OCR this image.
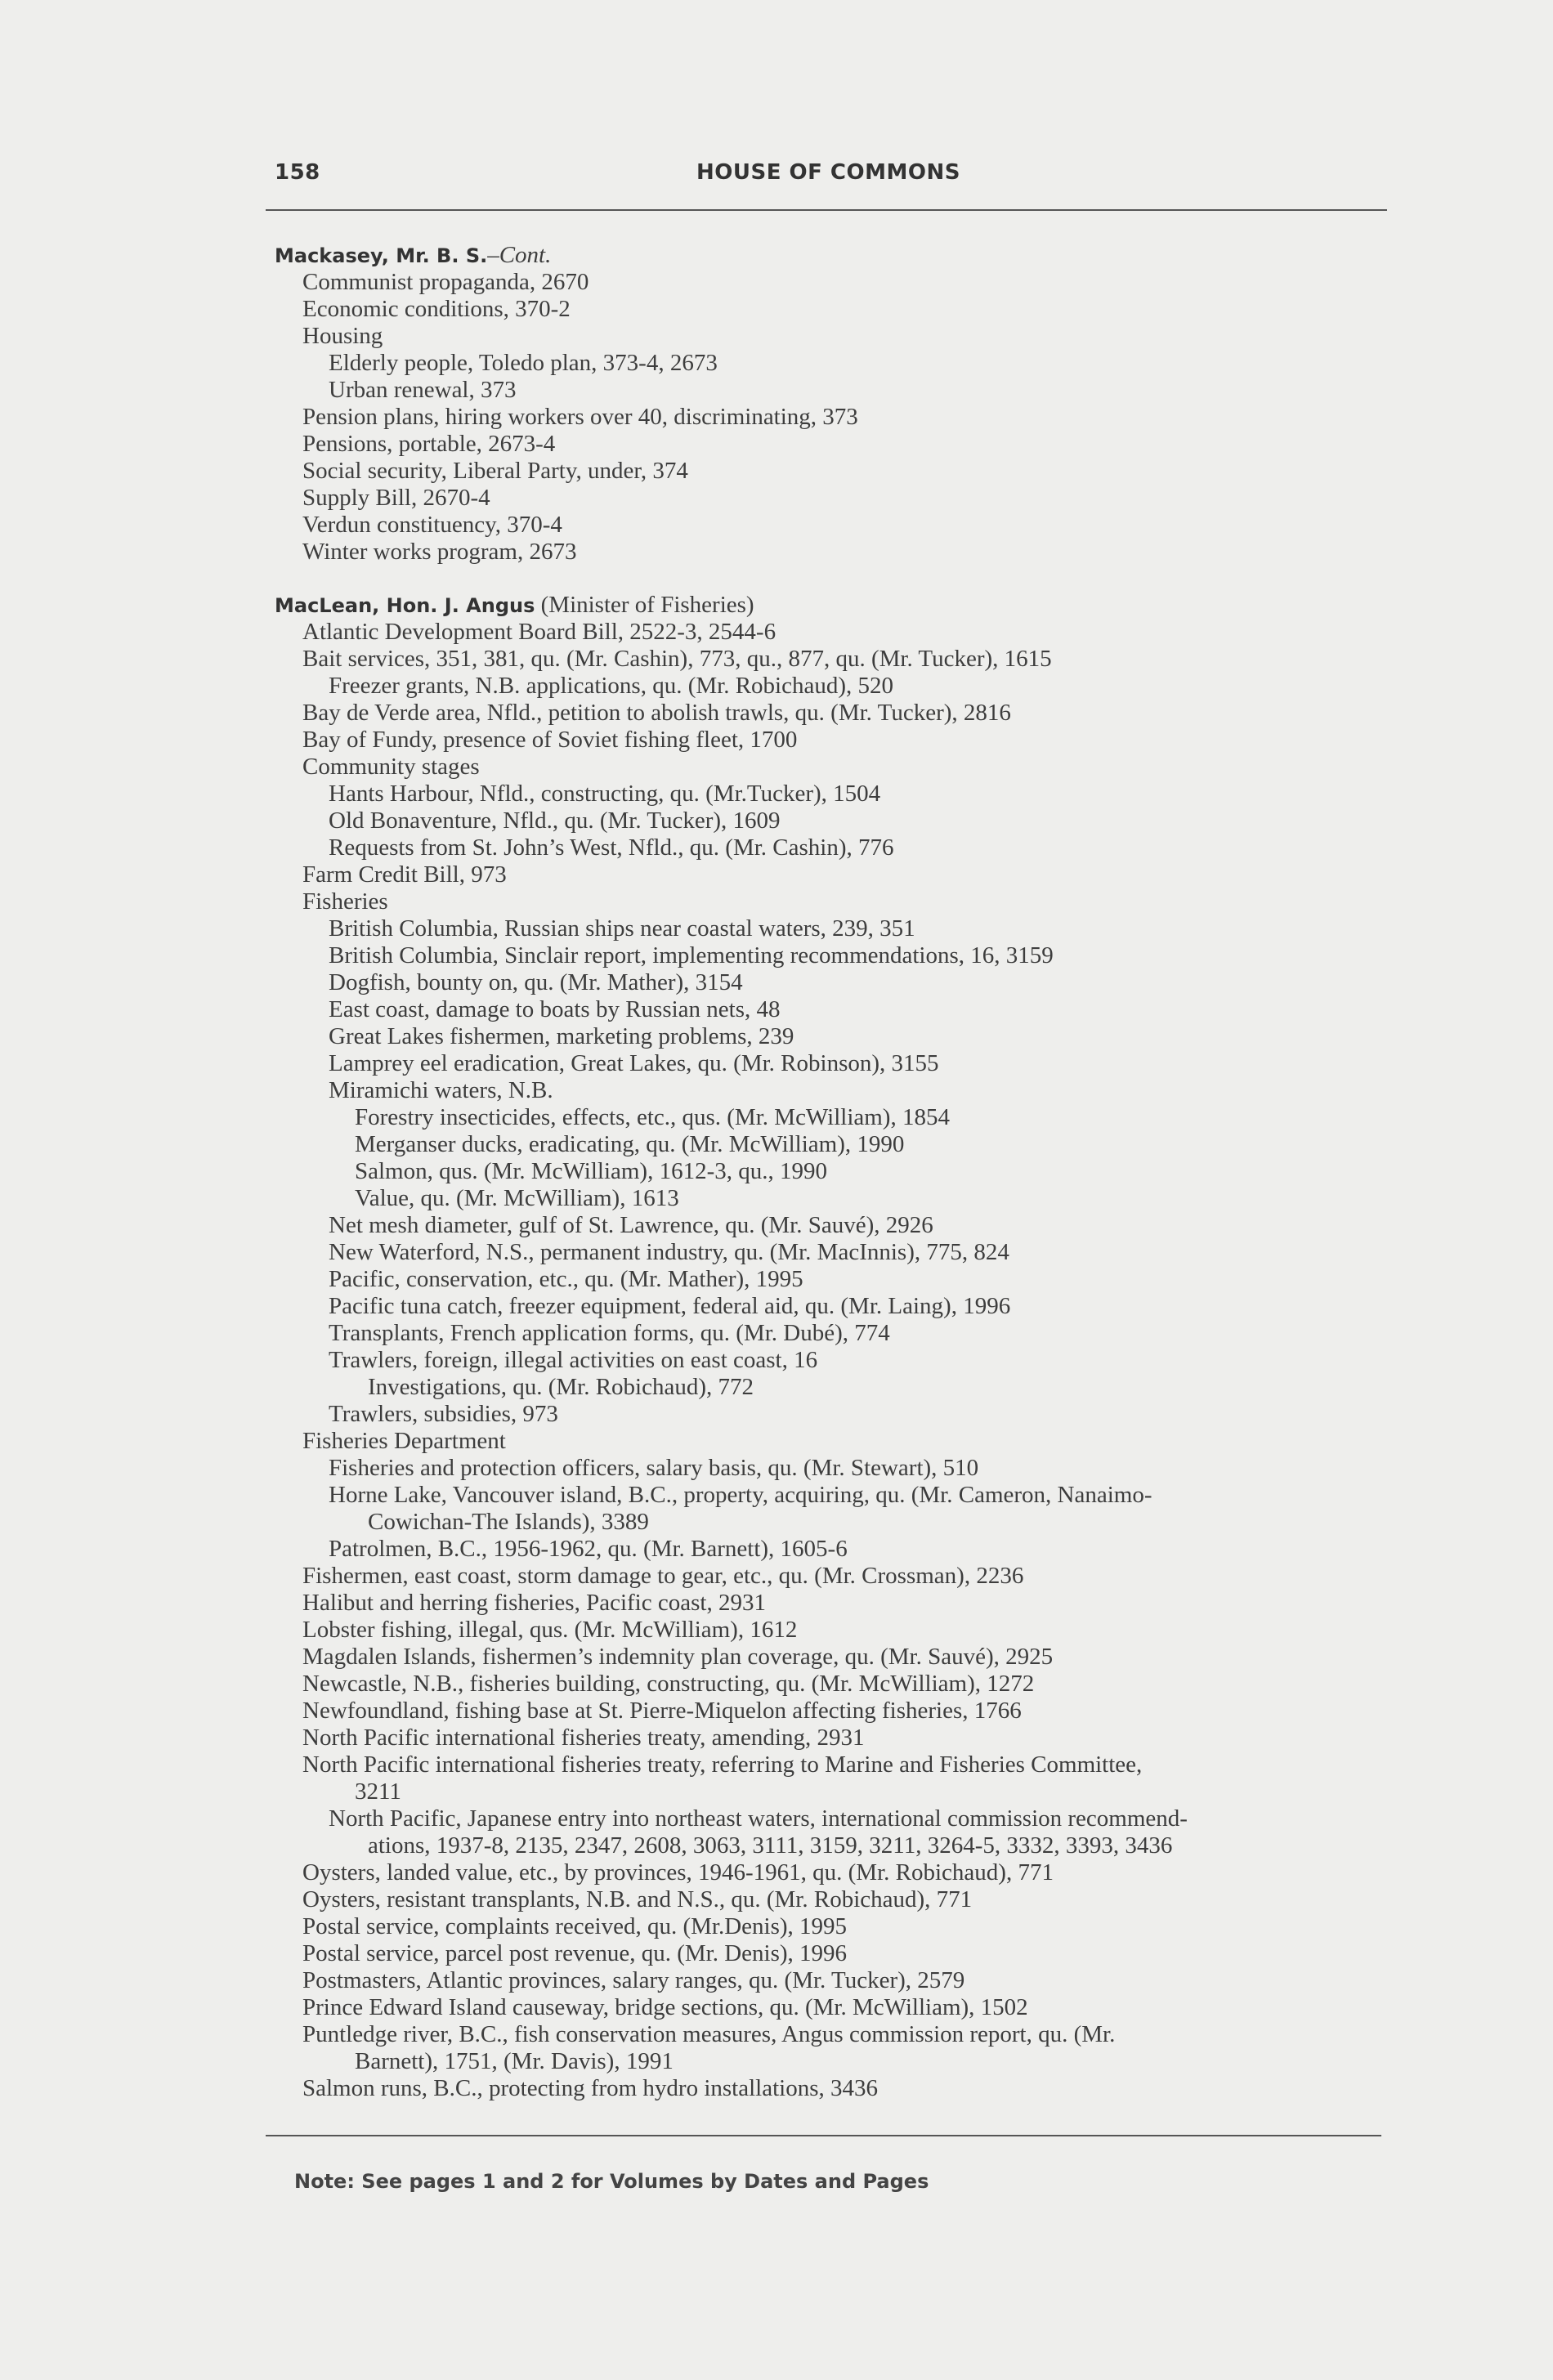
158	HOUSE OF COMMONS
Mackasey, Mr. B. S.–Cont.
Communist propaganda, 2670
Economic conditions, 370-2
Housing
Elderly people, Toledo plan, 373-4, 2673
Urban renewal, 373
Pension plans, hiring workers over 40, discriminating, 373
Pensions, portable, 2673-4
Social security, Liberal Party, under, 374
Supply Bill, 2670-4
Verdun constituency, 370-4
Winter works program, 2673
MacLean, Hon. J. Angus (Minister of Fisheries)
Atlantic Development Board Bill, 2522-3, 2544-6
Bait services, 351, 381, qu. (Mr. Cashin), 773, qu., 877, qu. (Mr. Tucker), 1615
Freezer grants, N.B. applications, qu. (Mr. Robichaud), 520
Bay de Verde area, Nfld., petition to abolish trawls, qu. (Mr. Tucker), 2816
Bay of Fundy, presence of Soviet fishing fleet, 1700
Community stages
Hants Harbour, Nfld., constructing, qu. (Mr.Tucker), 1504
Old Bonaventure, Nfld., qu. (Mr. Tucker), 1609
Requests from St. John’s West, Nfld., qu. (Mr. Cashin), 776
Farm Credit Bill, 973
Fisheries
British Columbia, Russian ships near coastal waters, 239, 351
British Columbia, Sinclair report, implementing recommendations, 16, 3159
Dogfish, bounty on, qu. (Mr. Mather), 3154
East coast, damage to boats by Russian nets, 48
Great Lakes fishermen, marketing problems, 239
Lamprey eel eradication, Great Lakes, qu. (Mr. Robinson), 3155
Miramichi waters, N.B.
Forestry insecticides, effects, etc., qus. (Mr. McWilliam), 1854
Merganser ducks, eradicating, qu. (Mr. McWilliam), 1990
Salmon, qus. (Mr. McWilliam), 1612-3, qu., 1990
Value, qu. (Mr. McWilliam), 1613
Net mesh diameter, gulf of St. Lawrence, qu. (Mr. Sauvé), 2926
New Waterford, N.S., permanent industry, qu. (Mr. MacInnis), 775, 824
Pacific, conservation, etc., qu. (Mr. Mather), 1995
Pacific tuna catch, freezer equipment, federal aid, qu. (Mr. Laing), 1996
Transplants, French application forms, qu. (Mr. Dubé), 774
Trawlers, foreign, illegal activities on east coast, 16
Investigations, qu. (Mr. Robichaud), 772
Trawlers, subsidies, 973
Fisheries Department
Fisheries and protection officers, salary basis, qu. (Mr. Stewart), 510
Horne Lake, Vancouver island, B.C., property, acquiring, qu. (Mr. Cameron, Nanaimo-
Cowichan-The Islands), 3389
Patrolmen, B.C., 1956-1962, qu. (Mr. Barnett), 1605-6
Fishermen, east coast, storm damage to gear, etc., qu. (Mr. Crossman), 2236
Halibut and herring fisheries, Pacific coast, 2931
Lobster fishing, illegal, qus. (Mr. McWilliam), 1612
Magdalen Islands, fishermen’s indemnity plan coverage, qu. (Mr. Sauvé), 2925
Newcastle, N.B., fisheries building, constructing, qu. (Mr. McWilliam), 1272
Newfoundland, fishing base at St. Pierre-Miquelon affecting fisheries, 1766
North Pacific international fisheries treaty, amending, 2931
North Pacific international fisheries treaty, referring to Marine and Fisheries Committee,
3211
North Pacific, Japanese entry into northeast waters, international commission recommend-
ations, 1937-8, 2135, 2347, 2608, 3063, 3111, 3159, 3211, 3264-5, 3332, 3393, 3436
Oysters, landed value, etc., by provinces, 1946-1961, qu. (Mr. Robichaud), 771
Oysters, resistant transplants, N.B. and N.S., qu. (Mr. Robichaud), 771
Postal service, complaints received, qu. (Mr.Denis), 1995
Postal service, parcel post revenue, qu. (Mr. Denis), 1996
Postmasters, Atlantic provinces, salary ranges, qu. (Mr. Tucker), 2579
Prince Edward Island causeway, bridge sections, qu. (Mr. McWilliam), 1502
Puntledge river, B.C., fish conservation measures, Angus commission report, qu. (Mr.
Barnett), 1751, (Mr. Davis), 1991
Salmon runs, B.C., protecting from hydro installations, 3436
Note: See pages 1 and 2 for Volumes by Dates and Pages
